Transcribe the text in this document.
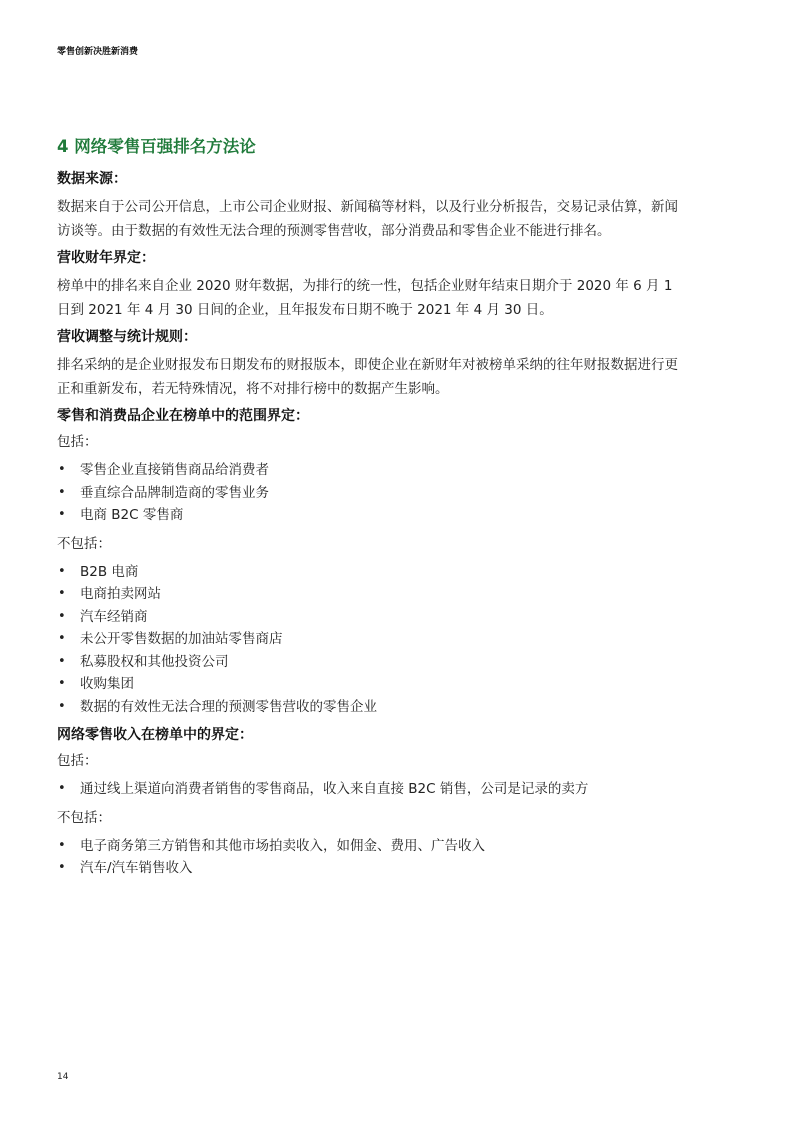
零售创新决胜新消费
4 网络零售百强排名方法论
数据来源：

数据来自于公司公开信息，上市公司企业财报、新闻稿等材料，以及行业分析报告，交易记录估算，新闻访谈等。由于数据的有效性无法合理的预测零售营收，部分消费品和零售企业不能进行排名。

营收财年界定：

榜单中的排名来自企业 2020 财年数据，为排行的统一性，包括企业财年结束日期介于 2020 年 6 月 1 日到 2021 年 4 月 30 日间的企业，且年报发布日期不晚于 2021 年 4 月 30 日。

营收调整与统计规则：

排名采纳的是企业财报发布日期发布的财报版本，即使企业在新财年对被榜单采纳的往年财报数据进行更正和重新发布，若无特殊情况，将不对排行榜中的数据产生影响。

零售和消费品企业在榜单中的范围界定：

包括：

• 零售企业直接销售商品给消费者
• 垂直综合品牌制造商的零售业务
• 电商 B2C 零售商

不包括：

• B2B 电商
• 电商拍卖网站
• 汽车经销商
• 未公开零售数据的加油站零售商店
• 私募股权和其他投资公司
• 收购集团
• 数据的有效性无法合理的预测零售营收的零售企业
网络零售收入在榜单中的界定：

包括：

• 通过线上渠道向消费者销售的零售商品，收入来自直接 B2C 销售，公司是记录的卖方

不包括：

• 电子商务第三方销售和其他市场拍卖收入，如佣金、费用、广告收入
• 汽车/汽车销售收入
14
